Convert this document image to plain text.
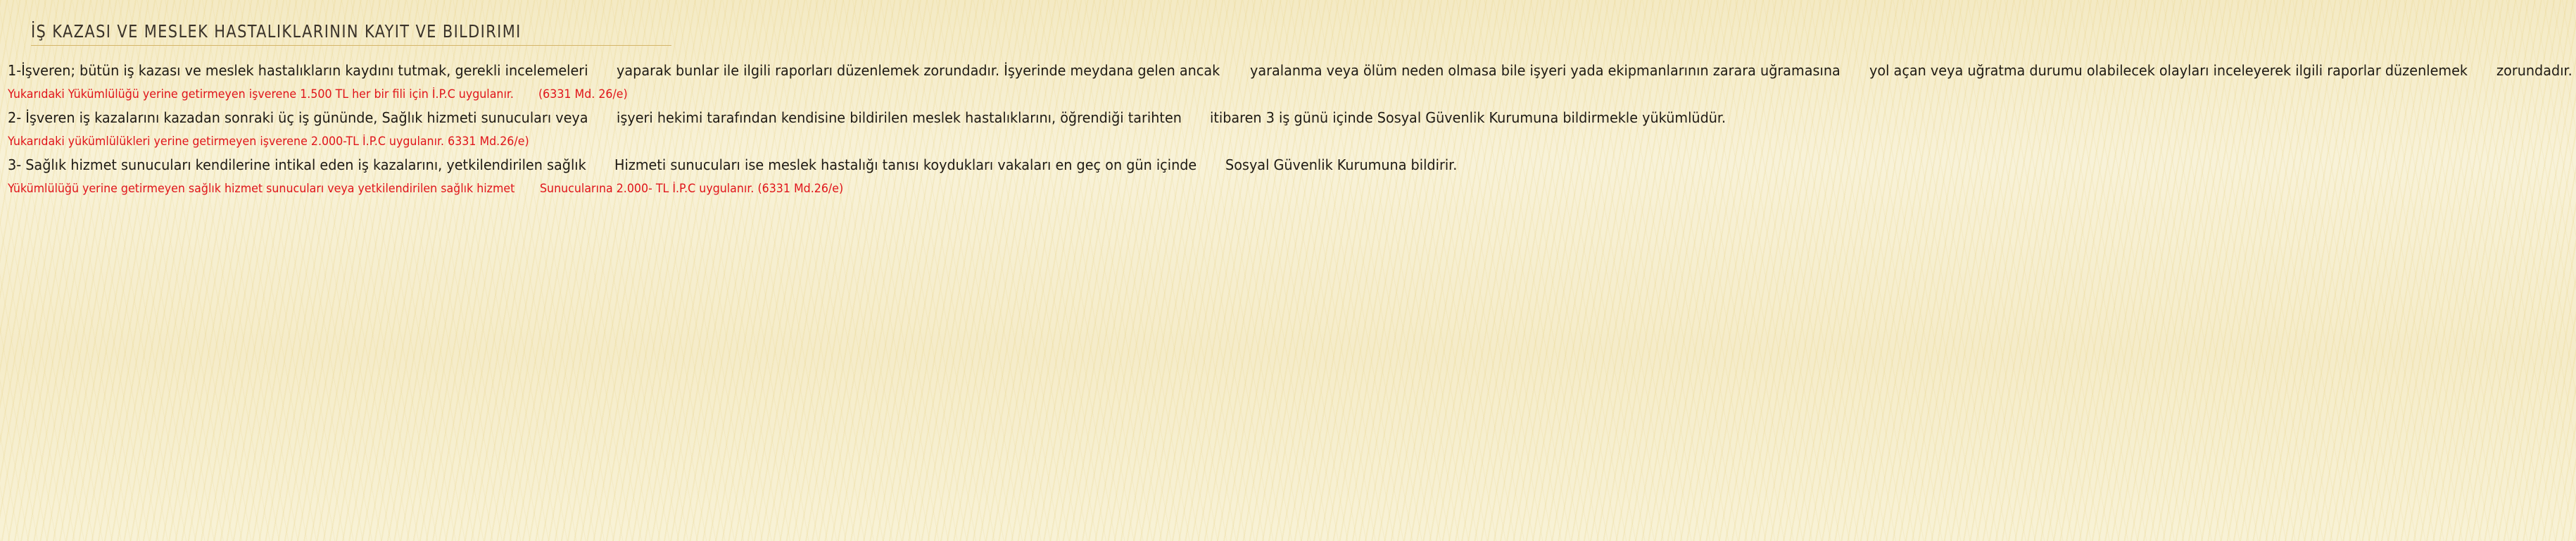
İŞ KAZASI VE MESLEK HASTALIKLARININ KAYIT VE BILDIRIMI

1-İşveren; bütün iş kazası ve meslek hastalıkların kaydını tutmak, gerekli incelemeleri yaparak bunlar ile ilgili raporları düzenlemek zorundadır. İşyerinde meydana gelen ancak yaralanma veya ölüm neden olmasa bile işyeri yada ekipmanlarının zarara uğramasına yol açan veya uğratma durumu olabilecek olayları inceleyerek ilgili raporlar düzenlemek zorundadır.

Yukarıdaki Yükümlülüğü yerine getirmeyen işverene 1.500 TL her bir fili için İ.P.C uygulanır. (6331 Md. 26/e)

2- İşveren iş kazalarını kazadan sonraki üç iş gününde, Sağlık hizmeti sunucuları veya işyeri hekimi tarafından kendisine bildirilen meslek hastalıklarını, öğrendiği tarihten itibaren 3 iş günü içinde Sosyal Güvenlik Kurumuna bildirmekle yükümlüdür.

Yukarıdaki yükümlülükleri yerine getirmeyen işverene 2.000-TL İ.P.C uygulanır. 6331 Md.26/e)

3- Sağlık hizmet sunucuları kendilerine intikal eden iş kazalarını, yetkilendirilen sağlık Hizmeti sunucuları ise meslek hastalığı tanısı koydukları vakaları en geç on gün içinde Sosyal Güvenlik Kurumuna bildirir.

Yükümlülüğü yerine getirmeyen sağlık hizmet sunucuları veya yetkilendirilen sağlık hizmet Sunucularına 2.000- TL İ.P.C uygulanır. (6331 Md.26/e)
